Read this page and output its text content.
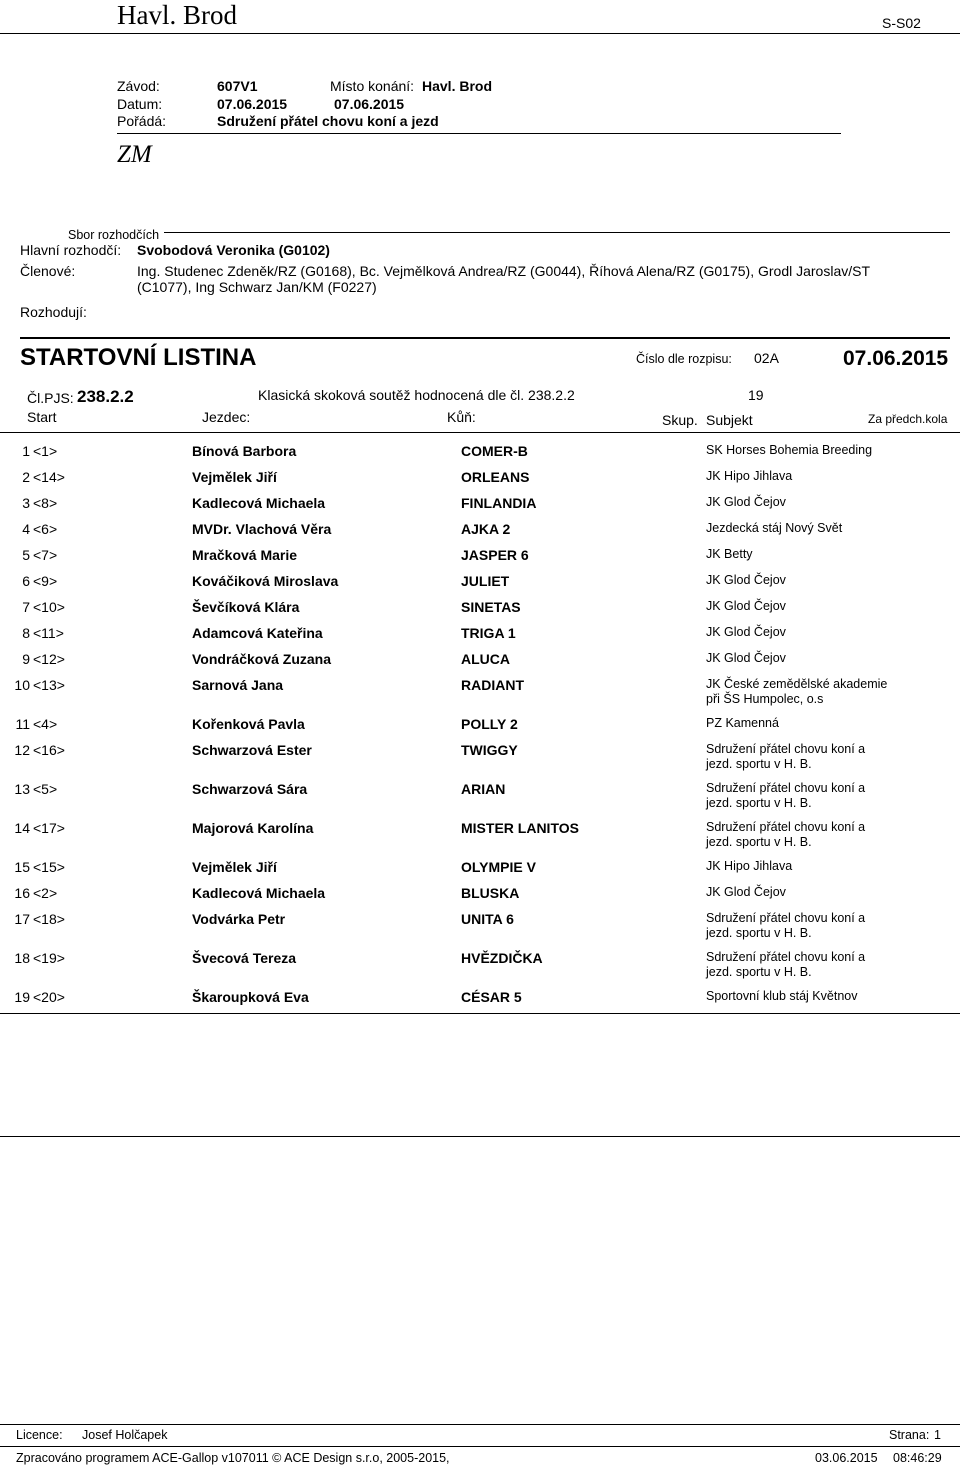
Havl. Brod	S-S02
Závod:	607V1	Místo konání: Havl. Brod
Datum:	07.06.2015	07.06.2015
Pořádá:	Sdružení přátel chovu koní a jezd
ZM
Sbor rozhodčích
Hlavní rozhodčí: Svobodová Veronika (G0102)
Členové:	Ing. Studenec Zdeněk/RZ (G0168), Bc. Vejmělková Andrea/RZ (G0044), Říhová Alena/RZ (G0175), Grodl Jaroslav/ST
(C1077), Ing Schwarz Jan/KM (F0227)
Rozhodují:
STARTOVNÍ LISTINA	Číslo dle rozpisu: 02A	07.06.2015
Čl.PJS: 238.2.2	Klasická skoková soutěž hodnocená dle čl. 238.2.2	19
Start	Jezdec:	Kůň:	Skup. Subjekt	Za předch.kola
1 <1>	Bínová Barbora	COMER-B	SK Horses Bohemia Breeding
2 <14>	Vejmělek Jiří	ORLEANS	JK Hipo Jihlava
3 <8>	Kadlecová Michaela	FINLANDIA	JK Glod Čejov
4 <6>	MVDr. Vlachová Věra	AJKA 2	Jezdecká stáj Nový Svět
5 <7>	Mračková Marie	JASPER 6	JK Betty
6 <9>	Kováčiková Miroslava	JULIET	JK Glod Čejov
7 <10>	Ševčíková Klára	SINETAS	JK Glod Čejov
8 <11>	Adamcová Kateřina	TRIGA 1	JK Glod Čejov
9 <12>	Vondráčková Zuzana	ALUCA	JK Glod Čejov
10 <13>	Sarnová Jana	RADIANT	JK České zemědělské akademie při ŠS Humpolec, o.s
11 <4>	Kořenková Pavla	POLLY 2	PZ Kamenná
12 <16>	Schwarzová Ester	TWIGGY	Sdružení přátel chovu koní a jezd. sportu v H. B.
13 <5>	Schwarzová Sára	ARIAN	Sdružení přátel chovu koní a jezd. sportu v H. B.
14 <17>	Majorová Karolína	MISTER LANITOS	Sdružení přátel chovu koní a jezd. sportu v H. B.
15 <15>	Vejmělek Jiří	OLYMPIE V	JK Hipo Jihlava
16 <2>	Kadlecová Michaela	BLUSKA	JK Glod Čejov
17 <18>	Vodvárka Petr	UNITA 6	Sdružení přátel chovu koní a jezd. sportu v H. B.
18 <19>	Švecová Tereza	HVĚZDIČKA	Sdružení přátel chovu koní a jezd. sportu v H. B.
19 <20>	Škaroupková Eva	CÉSAR 5	Sportovní klub stáj Květnov
Licence: Josef Holčapek	Strana: 1
Zpracováno programem ACE-Gallop v107011 © ACE Design s.r.o, 2005-2015,	03.06.2015 08:46:29
